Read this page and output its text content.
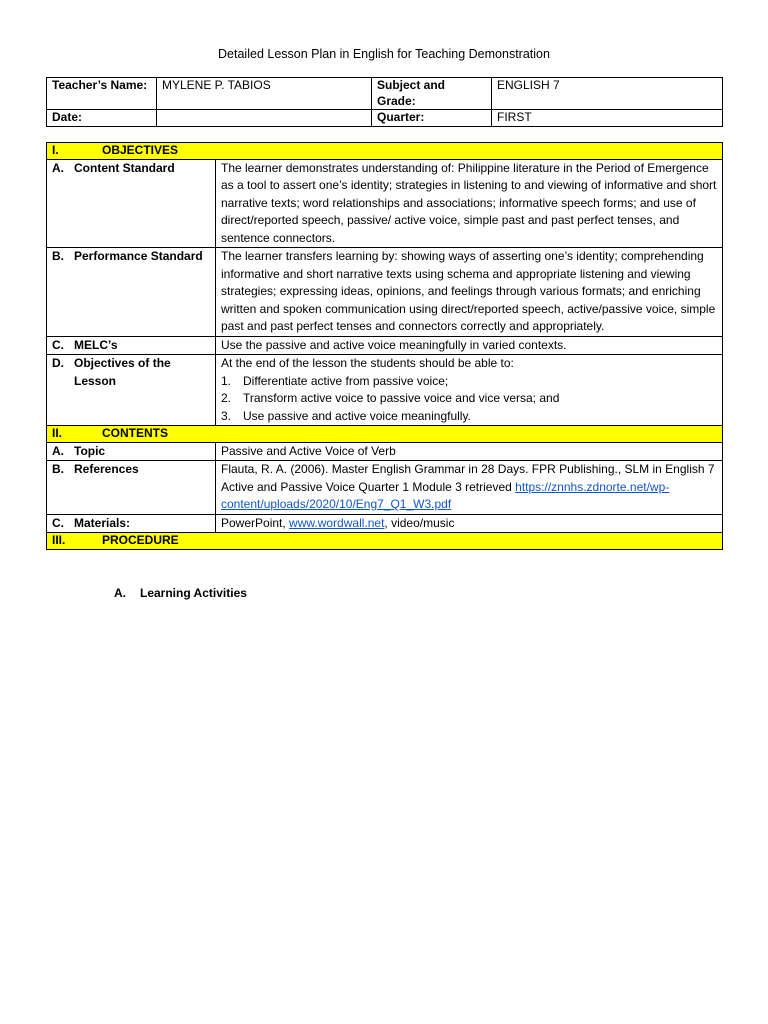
Detailed Lesson Plan in English for Teaching Demonstration
Teacher’s Name:	MYLENE P. TABIOS	Subject and Grade:	ENGLISH 7
Date:		Quarter:	FIRST
I. OBJECTIVES	
A. Content Standard	The learner demonstrates understanding of: Philippine literature in the Period of Emergence as a tool to assert one’s identity; strategies in listening to and viewing of informative and short narrative texts; word relationships and associations; informative speech forms; and use of direct/reported speech, passive/ active voice, simple past and past perfect tenses, and sentence connectors.
B. Performance Standard	The learner transfers learning by: showing ways of asserting one’s identity; comprehending informative and short narrative texts using schema and appropriate listening and viewing strategies; expressing ideas, opinions, and feelings through various formats; and enriching written and spoken communication using direct/reported speech, active/passive voice, simple past and past perfect tenses and connectors correctly and appropriately.
C. MELC’s	Use the passive and active voice meaningfully in varied contexts.
D. Objectives of the Lesson	At the end of the lesson the students should be able to:
1. Differentiate active from passive voice;
2. Transform active voice to passive voice and vice versa; and
3. Use passive and active voice meaningfully.

II. CONTENTS	
A. Topic	Passive and Active Voice of Verb
B. References	Flauta, R. A. (2006). Master English Grammar in 28 Days. FPR Publishing., SLM in English 7 Active and Passive Voice Quarter 1 Module 3 retrieved https://znnhs.zdnorte.net/wp-content/uploads/2020/10/Eng7_Q1_W3.pdf
C. Materials:	PowerPoint, www.wordwall.net, video/music
III. PROCEDURE	
A. Learning Activities
